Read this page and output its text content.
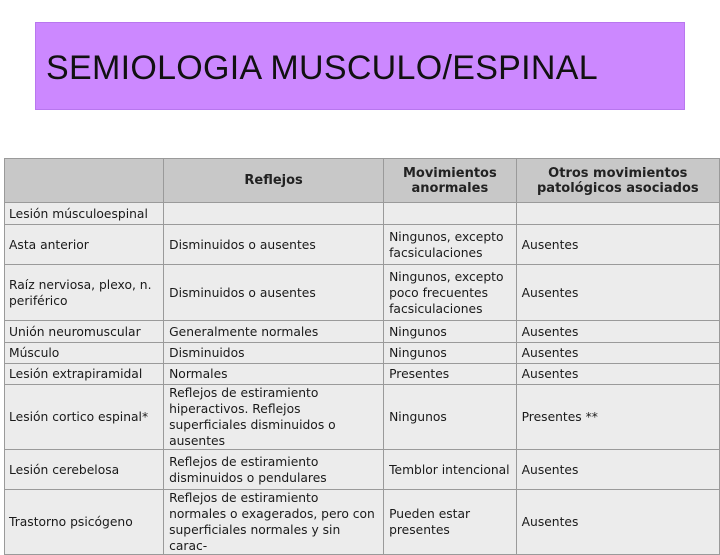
SEMIOLOGIA MUSCULO/ESPINAL
	Reflejos	Movimientos anormales	Otros movimientos patológicos asociados
Lesión músculoespinal			
Asta anterior	Disminuidos o ausentes	Ningunos, excepto facsiculaciones	Ausentes
Raíz nerviosa, plexo, n. periférico	Disminuidos o ausentes	Ningunos, excepto poco frecuentes facsiculaciones	Ausentes
Unión neuromuscular	Generalmente normales	Ningunos	Ausentes
Músculo	Disminuidos	Ningunos	Ausentes
Lesión extrapiramidal	Normales	Presentes	Ausentes
Lesión cortico espinal*	Reflejos de estiramiento hiperactivos. Reflejos superficiales disminuidos o ausentes	Ningunos	Presentes **
Lesión cerebelosa	Reflejos de estiramiento disminuidos o pendulares	Temblor intencional	Ausentes
Trastorno psicógeno	Reflejos de estiramiento normales o exagerados, pero con superficiales normales y sin carac-	Pueden estar presentes	Ausentes
